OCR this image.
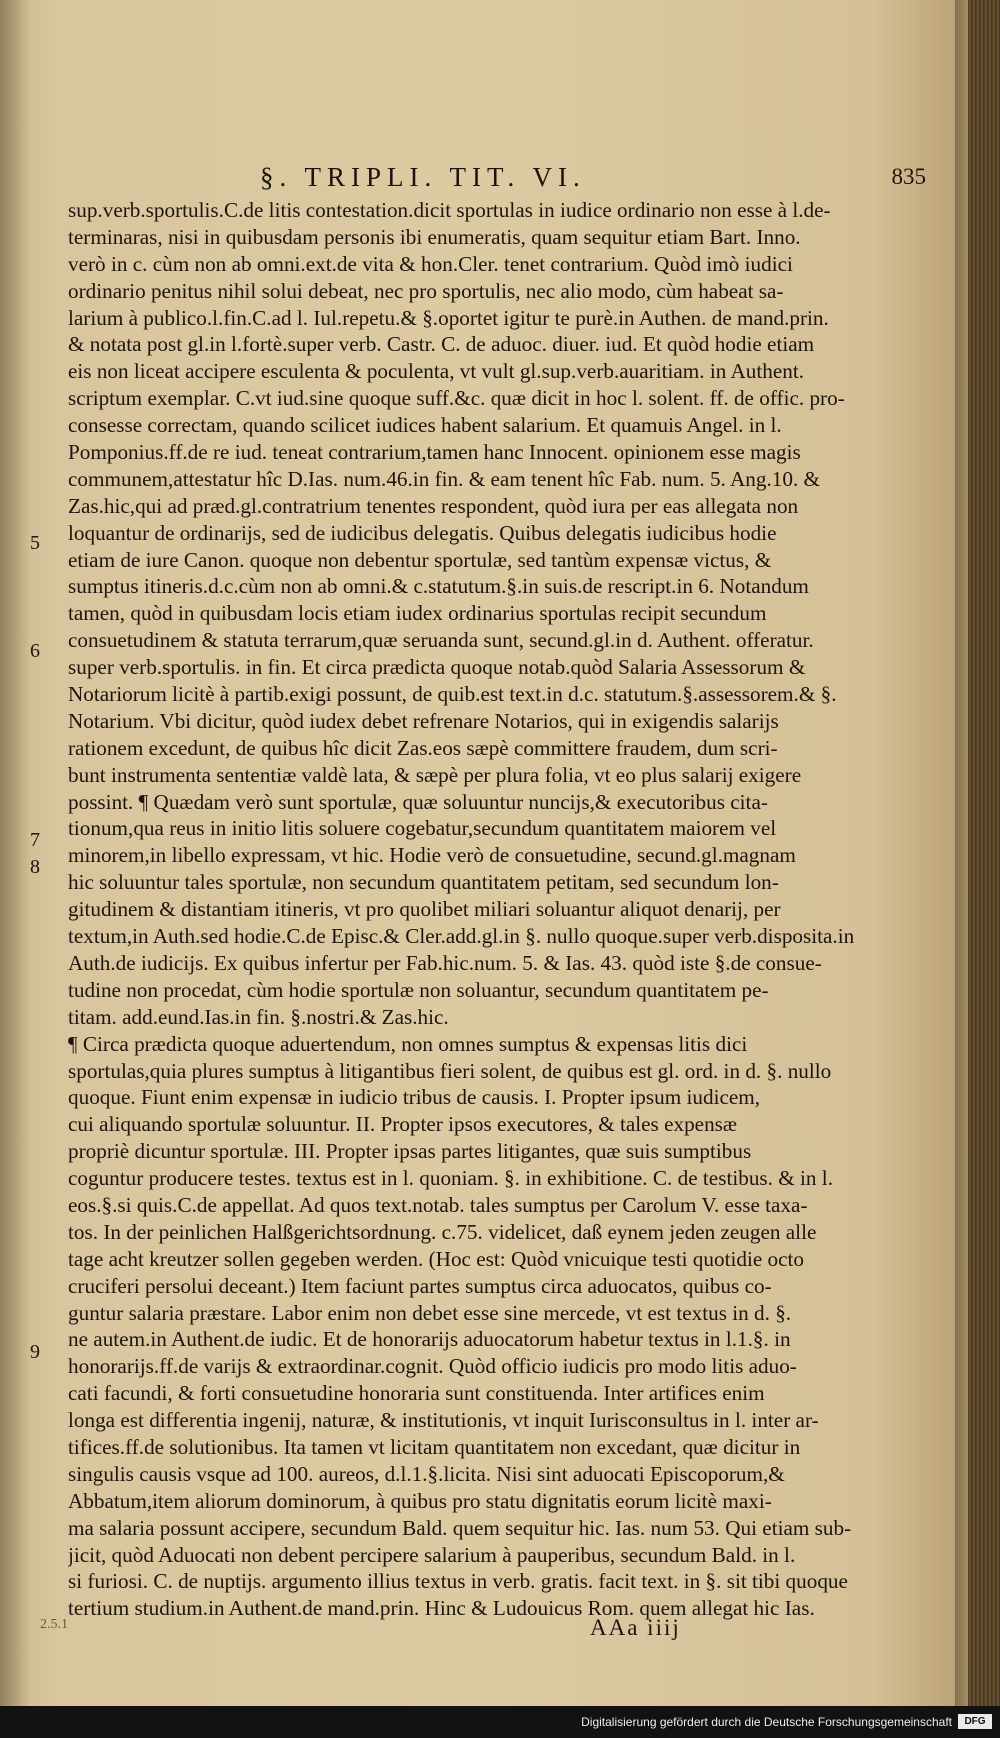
§. TRIPLI. TIT. VI.	835
sup.verb.sportulis.C.de litis contestation.dicit sportulas in iudice ordinario non esse à l.de-
terminaras, nisi in quibusdam personis ibi enumeratis, quam sequitur etiam Bart. Inno.
verò in c. cùm non ab omni.ext.de vita & hon.Cler. tenet contrarium. Quòd imò iudici
ordinario penitus nihil solui debeat, nec pro sportulis, nec alio modo, cùm habeat sa-
larium à publico.l.fin.C.ad l. Iul.repetu.& §.oportet igitur te purè.in Authen. de mand.prin.
& notata post gl.in l.fortè.super verb. Castr. C. de aduoc. diuer. iud. Et quòd hodie etiam
eis non liceat accipere esculenta & poculenta, vt vult gl.sup.verb.auaritiam. in Authent.
scriptum exemplar. C.vt iud.sine quoque suff.&c. quæ dicit in hoc l. solent. ff. de offic. pro-
consesse correctam, quando scilicet iudices habent salarium. Et quamuis Angel. in l.
Pomponius.ff.de re iud. teneat contrarium,tamen hanc Innocent. opinionem esse magis
communem,attestatur hîc D.Ias. num.46.in fin. & eam tenent hîc Fab. num. 5. Ang.10. &
Zas.hic,qui ad præd.gl.contratrium tenentes respondent, quòd iura per eas allegata non
loquantur de ordinarijs, sed de iudicibus delegatis. Quibus delegatis iudicibus hodie
etiam de iure Canon. quoque non debentur sportulæ, sed tantùm expensæ victus, &
sumptus itineris.d.c.cùm non ab omni.& c.statutum.§.in suis.de rescript.in 6. Notandum
tamen, quòd in quibusdam locis etiam iudex ordinarius sportulas recipit secundum
consuetudinem & statuta terrarum,quæ seruanda sunt, secund.gl.in d. Authent. offeratur.
super verb.sportulis. in fin. Et circa prædicta quoque notab.quòd Salaria Assessorum &
Notariorum licitè à partib.exigi possunt, de quib.est text.in d.c. statutum.§.assessorem.& §.
Notarium. Vbi dicitur, quòd iudex debet refrenare Notarios, qui in exigendis salarijs
rationem excedunt, de quibus hîc dicit Zas.eos sæpè committere fraudem, dum scri-
bunt instrumenta sententiæ valdè lata, & sæpè per plura folia, vt eo plus salarij exigere
possint. ¶ Quædam verò sunt sportulæ, quæ soluuntur nuncijs,& executoribus cita-
tionum,qua reus in initio litis soluere cogebatur,secundum quantitatem maiorem vel
minorem,in libello expressam, vt hic. Hodie verò de consuetudine, secund.gl.magnam
hic soluuntur tales sportulæ, non secundum quantitatem petitam, sed secundum lon-
gitudinem & distantiam itineris, vt pro quolibet miliari soluantur aliquot denarij, per
textum,in Auth.sed hodie.C.de Episc.& Cler.add.gl.in §. nullo quoque.super verb.disposita.in
Auth.de iudicijs. Ex quibus infertur per Fab.hic.num. 5. & Ias. 43. quòd iste §.de consue-
tudine non procedat, cùm hodie sportulæ non soluantur, secundum quantitatem pe-
titam. add.eund.Ias.in fin. §.nostri.& Zas.hic.
¶ Circa prædicta quoque aduertendum, non omnes sumptus & expensas litis dici
sportulas,quia plures sumptus à litigantibus fieri solent, de quibus est gl. ord. in d. §. nullo
quoque. Fiunt enim expensæ in iudicio tribus de causis. I. Propter ipsum iudicem,
cui aliquando sportulæ soluuntur. II. Propter ipsos executores, & tales expensæ
propriè dicuntur sportulæ. III. Propter ipsas partes litigantes, quæ suis sumptibus
coguntur producere testes. textus est in l. quoniam. §. in exhibitione. C. de testibus. & in l.
eos.§.si quis.C.de appellat. Ad quos text.notab. tales sumptus per Carolum V. esse taxa-
tos. In der peinlichen Halßgerichtsordnung. c.75. videlicet, daß eynem jeden zeugen alle
tage acht kreutzer sollen gegeben werden. (Hoc est: Quòd vnicuique testi quotidie octo
cruciferi persolui deceant.) Item faciunt partes sumptus circa aduocatos, quibus co-
guntur salaria præstare. Labor enim non debet esse sine mercede, vt est textus in d. §.
ne autem.in Authent.de iudic. Et de honorarijs aduocatorum habetur textus in l.1.§. in
honorarijs.ff.de varijs & extraordinar.cognit. Quòd officio iudicis pro modo litis aduo-
cati facundi, & forti consuetudine honoraria sunt constituenda. Inter artifices enim
longa est differentia ingenij, naturæ, & institutionis, vt inquit Iurisconsultus in l. inter ar-
tifices.ff.de solutionibus. Ita tamen vt licitam quantitatem non excedant, quæ dicitur in
singulis causis vsque ad 100. aureos, d.l.1.§.licita. Nisi sint aduocati Episcoporum,&
Abbatum,item aliorum dominorum, à quibus pro statu dignitatis eorum licitè maxi-
ma salaria possunt accipere, secundum Bald. quem sequitur hic. Ias. num 53. Qui etiam sub-
jicit, quòd Aduocati non debent percipere salarium à pauperibus, secundum Bald. in l.
si furiosi. C. de nuptijs. argumento illius textus in verb. gratis. facit text. in §. sit tibi quoque
tertium studium.in Authent.de mand.prin. Hinc & Ludouicus Rom. quem allegat hic Ias.
5
6
7
8
9
2.5.1	AAa iiij
Digitalisierung gefördert durch die Deutsche Forschungsgemeinschaft	DFG
